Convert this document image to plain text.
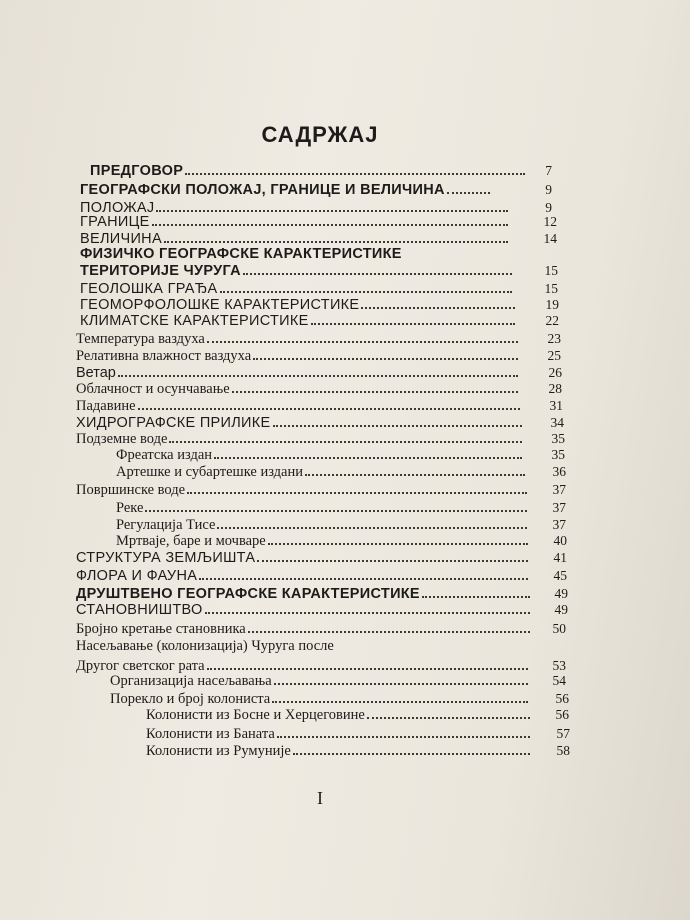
САДРЖАЈ
ПРЕДГОВОР	7
ГЕОГРАФСКИ ПОЛОЖАЈ, ГРАНИЦЕ И ВЕЛИЧИНА	9
ПОЛОЖАЈ	9
ГРАНИЦЕ	12
ВЕЛИЧИНА	14
ФИЗИЧКО ГЕОГРАФСКЕ КАРАКТЕРИСТИКЕ
ТЕРИТОРИЈЕ ЧУРУГА	15
ГЕОЛОШКА ГРАЂА	15
ГЕОМОРФОЛОШКЕ КАРАКТЕРИСТИКЕ	19
КЛИМАТСКЕ КАРАКТЕРИСТИКЕ	22
Температура ваздуха	23
Релативна влажност ваздуха	25
Ветар	26
Облачност и осунчавање	28
Падавине	31
ХИДРОГРАФСКЕ ПРИЛИКЕ	34
Подземне воде	35
Фреатска издан	35
Артешке и субартешке издани	36
Површинске воде	37
Реке	37
Регулација Тисе	37
Мртваје, баре и мочваре	40
СТРУКТУРА ЗЕМЉИШТА	41
ФЛОРА И ФАУНА	45
ДРУШТВЕНО ГЕОГРАФСКЕ КАРАКТЕРИСТИКЕ	49
СТАНОВНИШТВО	49
Бројно кретање становника	50
Насељавање (колонизација) Чуруга после
Другог светског рата	53
Организација насељавања	54
Порекло и број колониста	56
Колонисти из Босне и Херцеговине	56
Колонисти из Баната	57
Колонисти из Румуније	58
I
